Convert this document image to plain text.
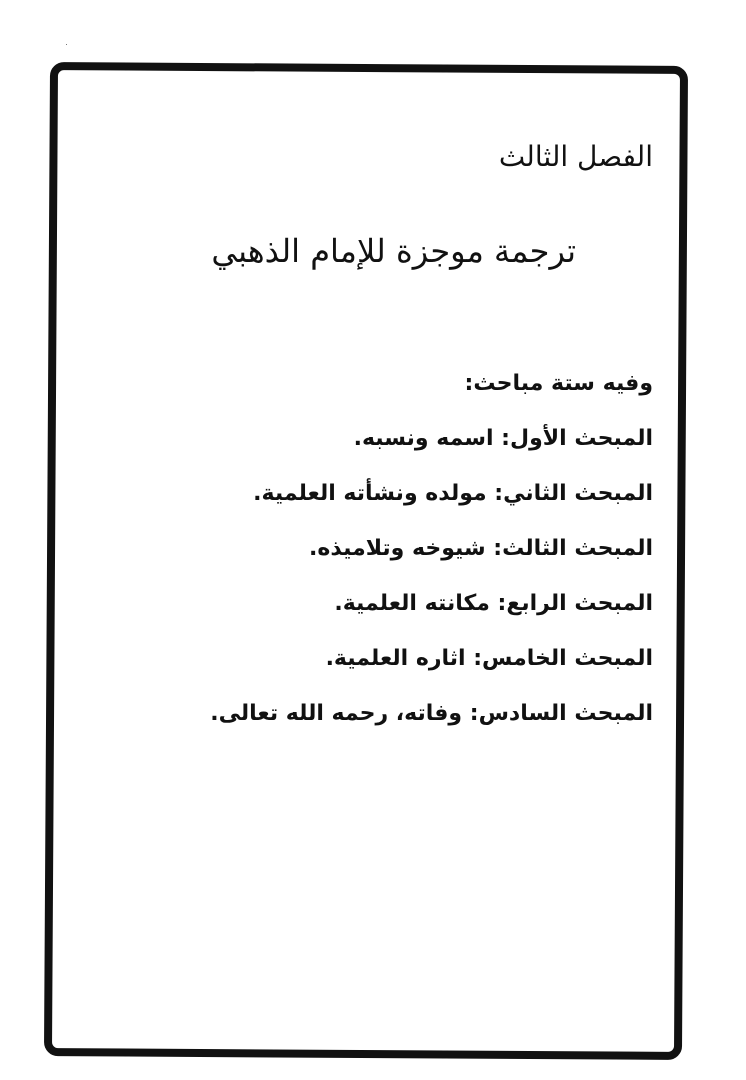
الفصل الثالث
ترجمة موجزة للإمام الذهبي
وفيه ستة مباحث:
المبحث الأول: اسمه ونسبه.
المبحث الثاني: مولده ونشأته العلمية.
المبحث الثالث: شيوخه وتلاميذه.
المبحث الرابع: مكانته العلمية.
المبحث الخامس: اثاره العلمية.
المبحث السادس: وفاته، رحمه الله تعالى.
